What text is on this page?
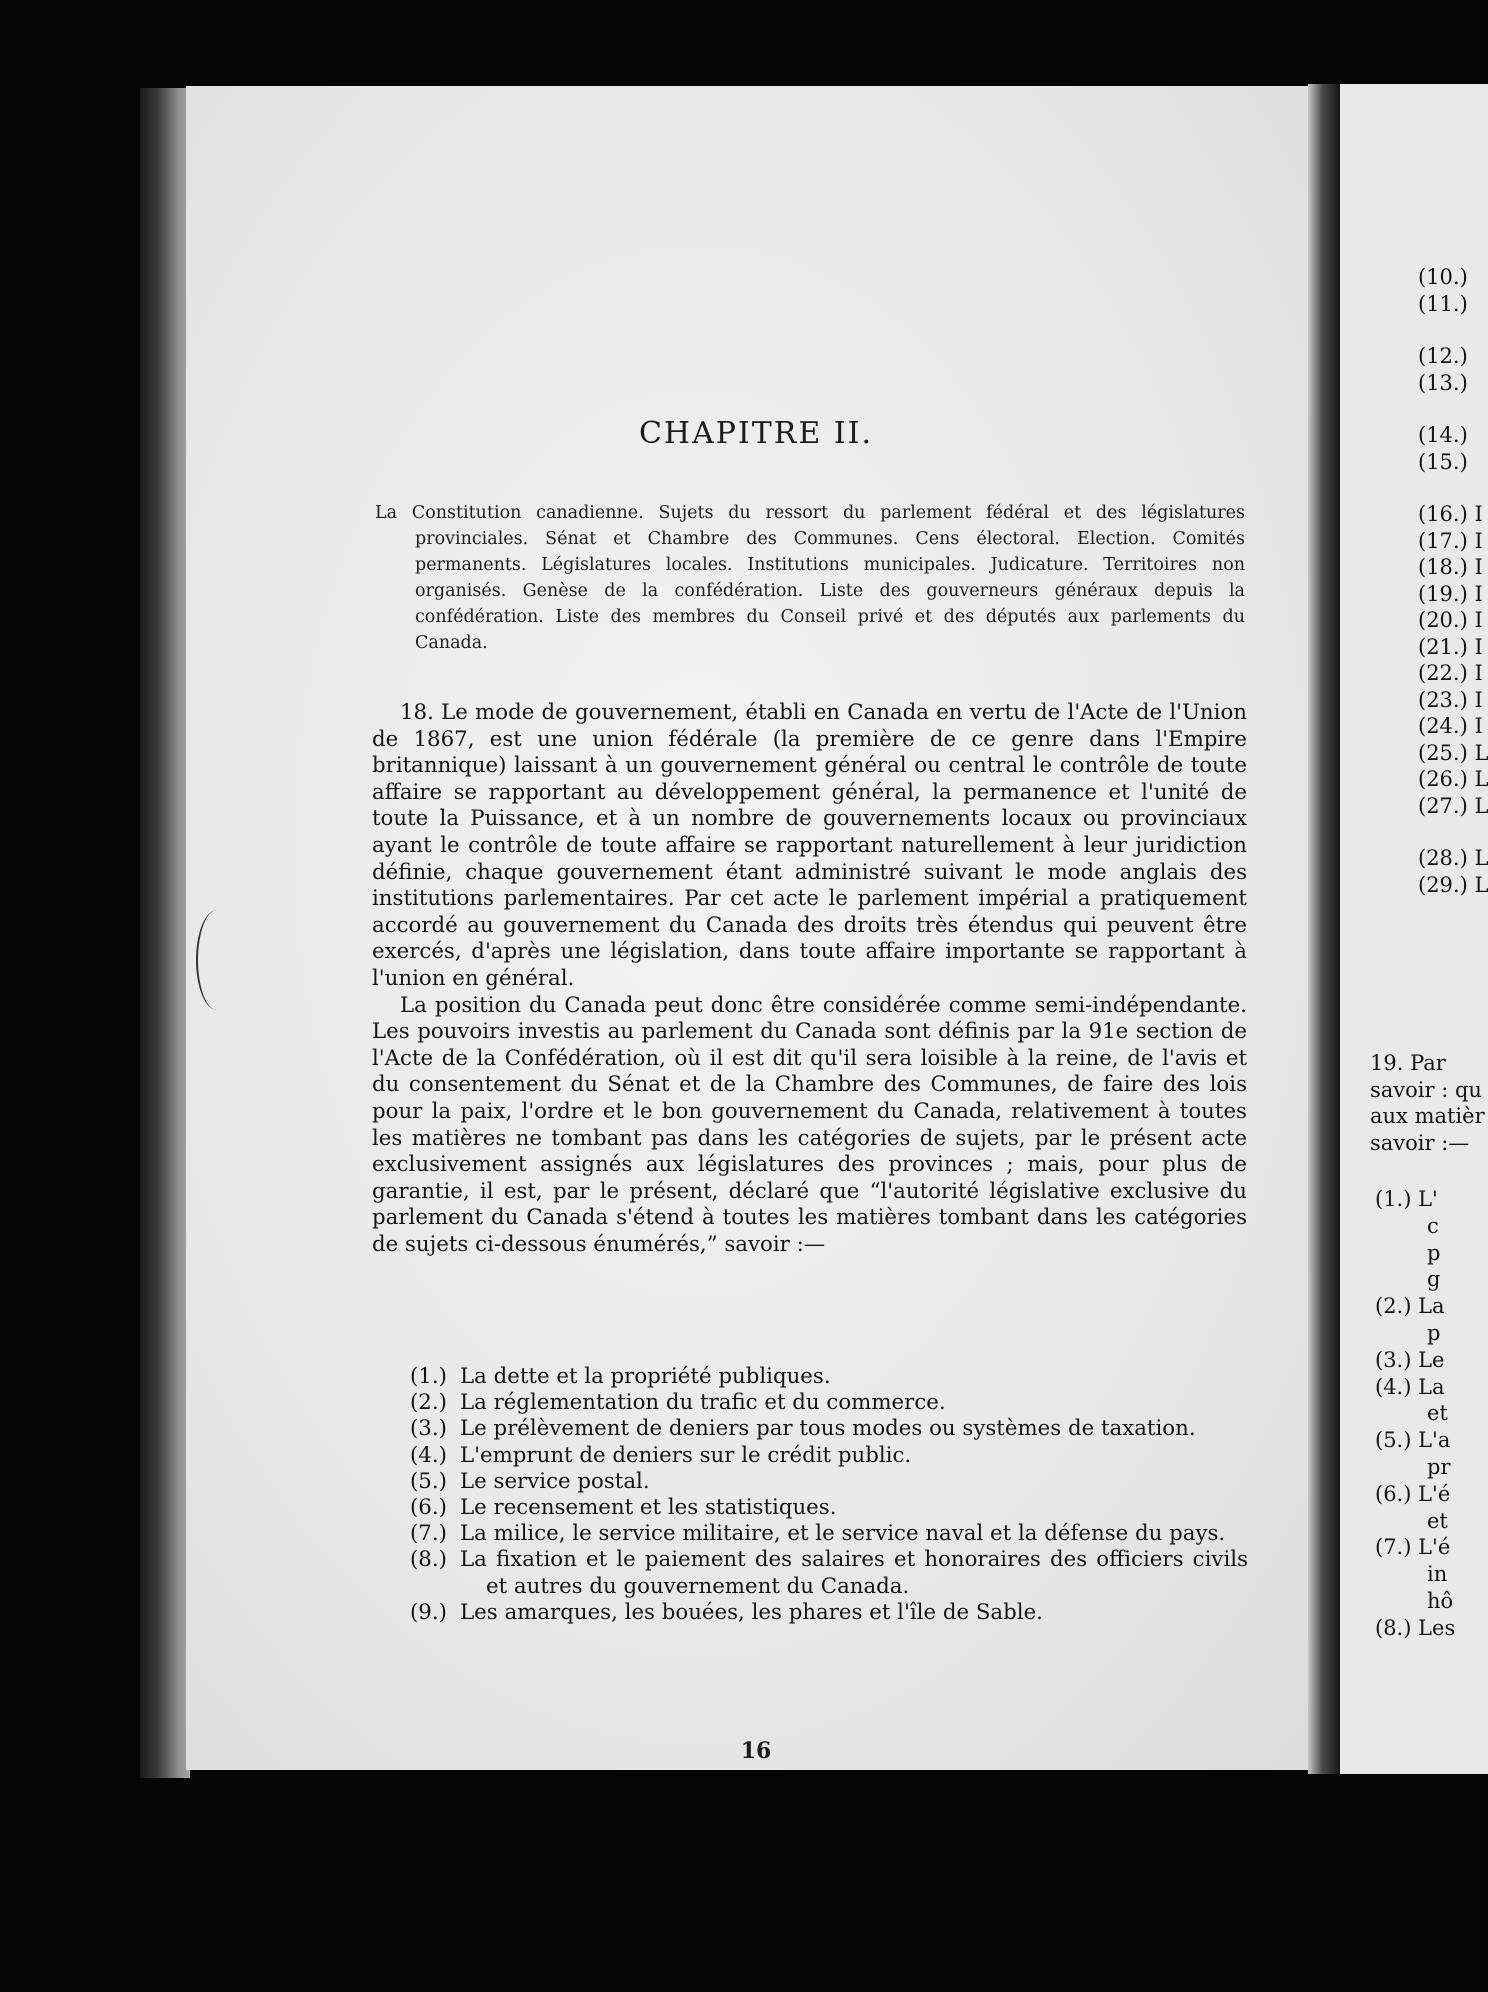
CHAPITRE II.
16
La Constitution canadienne. Sujets du ressort du parlement fédéral et des législatures provinciales. Sénat et Chambre des Communes. Cens électoral. Election. Comités permanents. Législatures locales. Institutions municipales. Judicature. Territoires non organisés. Genèse de la confédération. Liste des gouverneurs généraux depuis la confédération. Liste des membres du Conseil privé et des députés aux parlements du Canada.

18. Le mode de gouvernement, établi en Canada en vertu de l'Acte de l'Union de 1867, est une union fédérale (la première de ce genre dans l'Empire britannique) laissant à un gouvernement général ou central le contrôle de toute affaire se rapportant au développement général, la permanence et l'unité de toute la Puissance, et à un nombre de gouvernements locaux ou provinciaux ayant le contrôle de toute affaire se rapportant naturellement à leur juridiction définie, chaque gouvernement étant administré suivant le mode anglais des institutions parlementaires. Par cet acte le parlement impérial a pratiquement accordé au gouvernement du Canada des droits très étendus qui peuvent être exercés, d'après une législation, dans toute affaire importante se rapportant à l'union en général.

La position du Canada peut donc être considérée comme semi-indépendante. Les pouvoirs investis au parlement du Canada sont définis par la 91e section de l'Acte de la Confédération, où il est dit qu'il sera loisible à la reine, de l'avis et du consentement du Sénat et de la Chambre des Communes, de faire des lois pour la paix, l'ordre et le bon gouvernement du Canada, relativement à toutes les matières ne tombant pas dans les catégories de sujets, par le présent acte exclusivement assignés aux législatures des provinces ; mais, pour plus de garantie, il est, par le présent, déclaré que “l'autorité législative exclusive du parlement du Canada s'étend à toutes les matières tombant dans les catégories de sujets ci-dessous énumérés,” savoir :—

(1.) La dette et la propriété publiques.
(2.) La réglementation du trafic et du commerce.
(3.) Le prélèvement de deniers par tous modes ou systèmes de taxation.
(4.) L'emprunt de deniers sur le crédit public.
(5.) Le service postal.
(6.) Le recensement et les statistiques.
(7.) La milice, le service militaire, et le service naval et la défense du pays.
(8.) La fixation et le paiement des salaires et honoraires des officiers civils et autres du gouvernement du Canada.
(9.) Les amarques, les bouées, les phares et l'île de Sable.
(10.)
(11.)

(12.)
(13.)

(14.)
(15.)

(16.) I
(17.) I
(18.) I
(19.) I
(20.) I
(21.) I
(22.) I
(23.) I
(24.) I
(25.) L
(26.) L
(27.) L

(28.) L
(29.) L
19. Par
savoir : qu
aux matièr
savoir :—
(1.) L'
c
p
g
(2.) La
p
(3.) Le
(4.) La
et
(5.) L'a
pr
(6.) L'é
et
(7.) L'é
in
hô
(8.) Les
